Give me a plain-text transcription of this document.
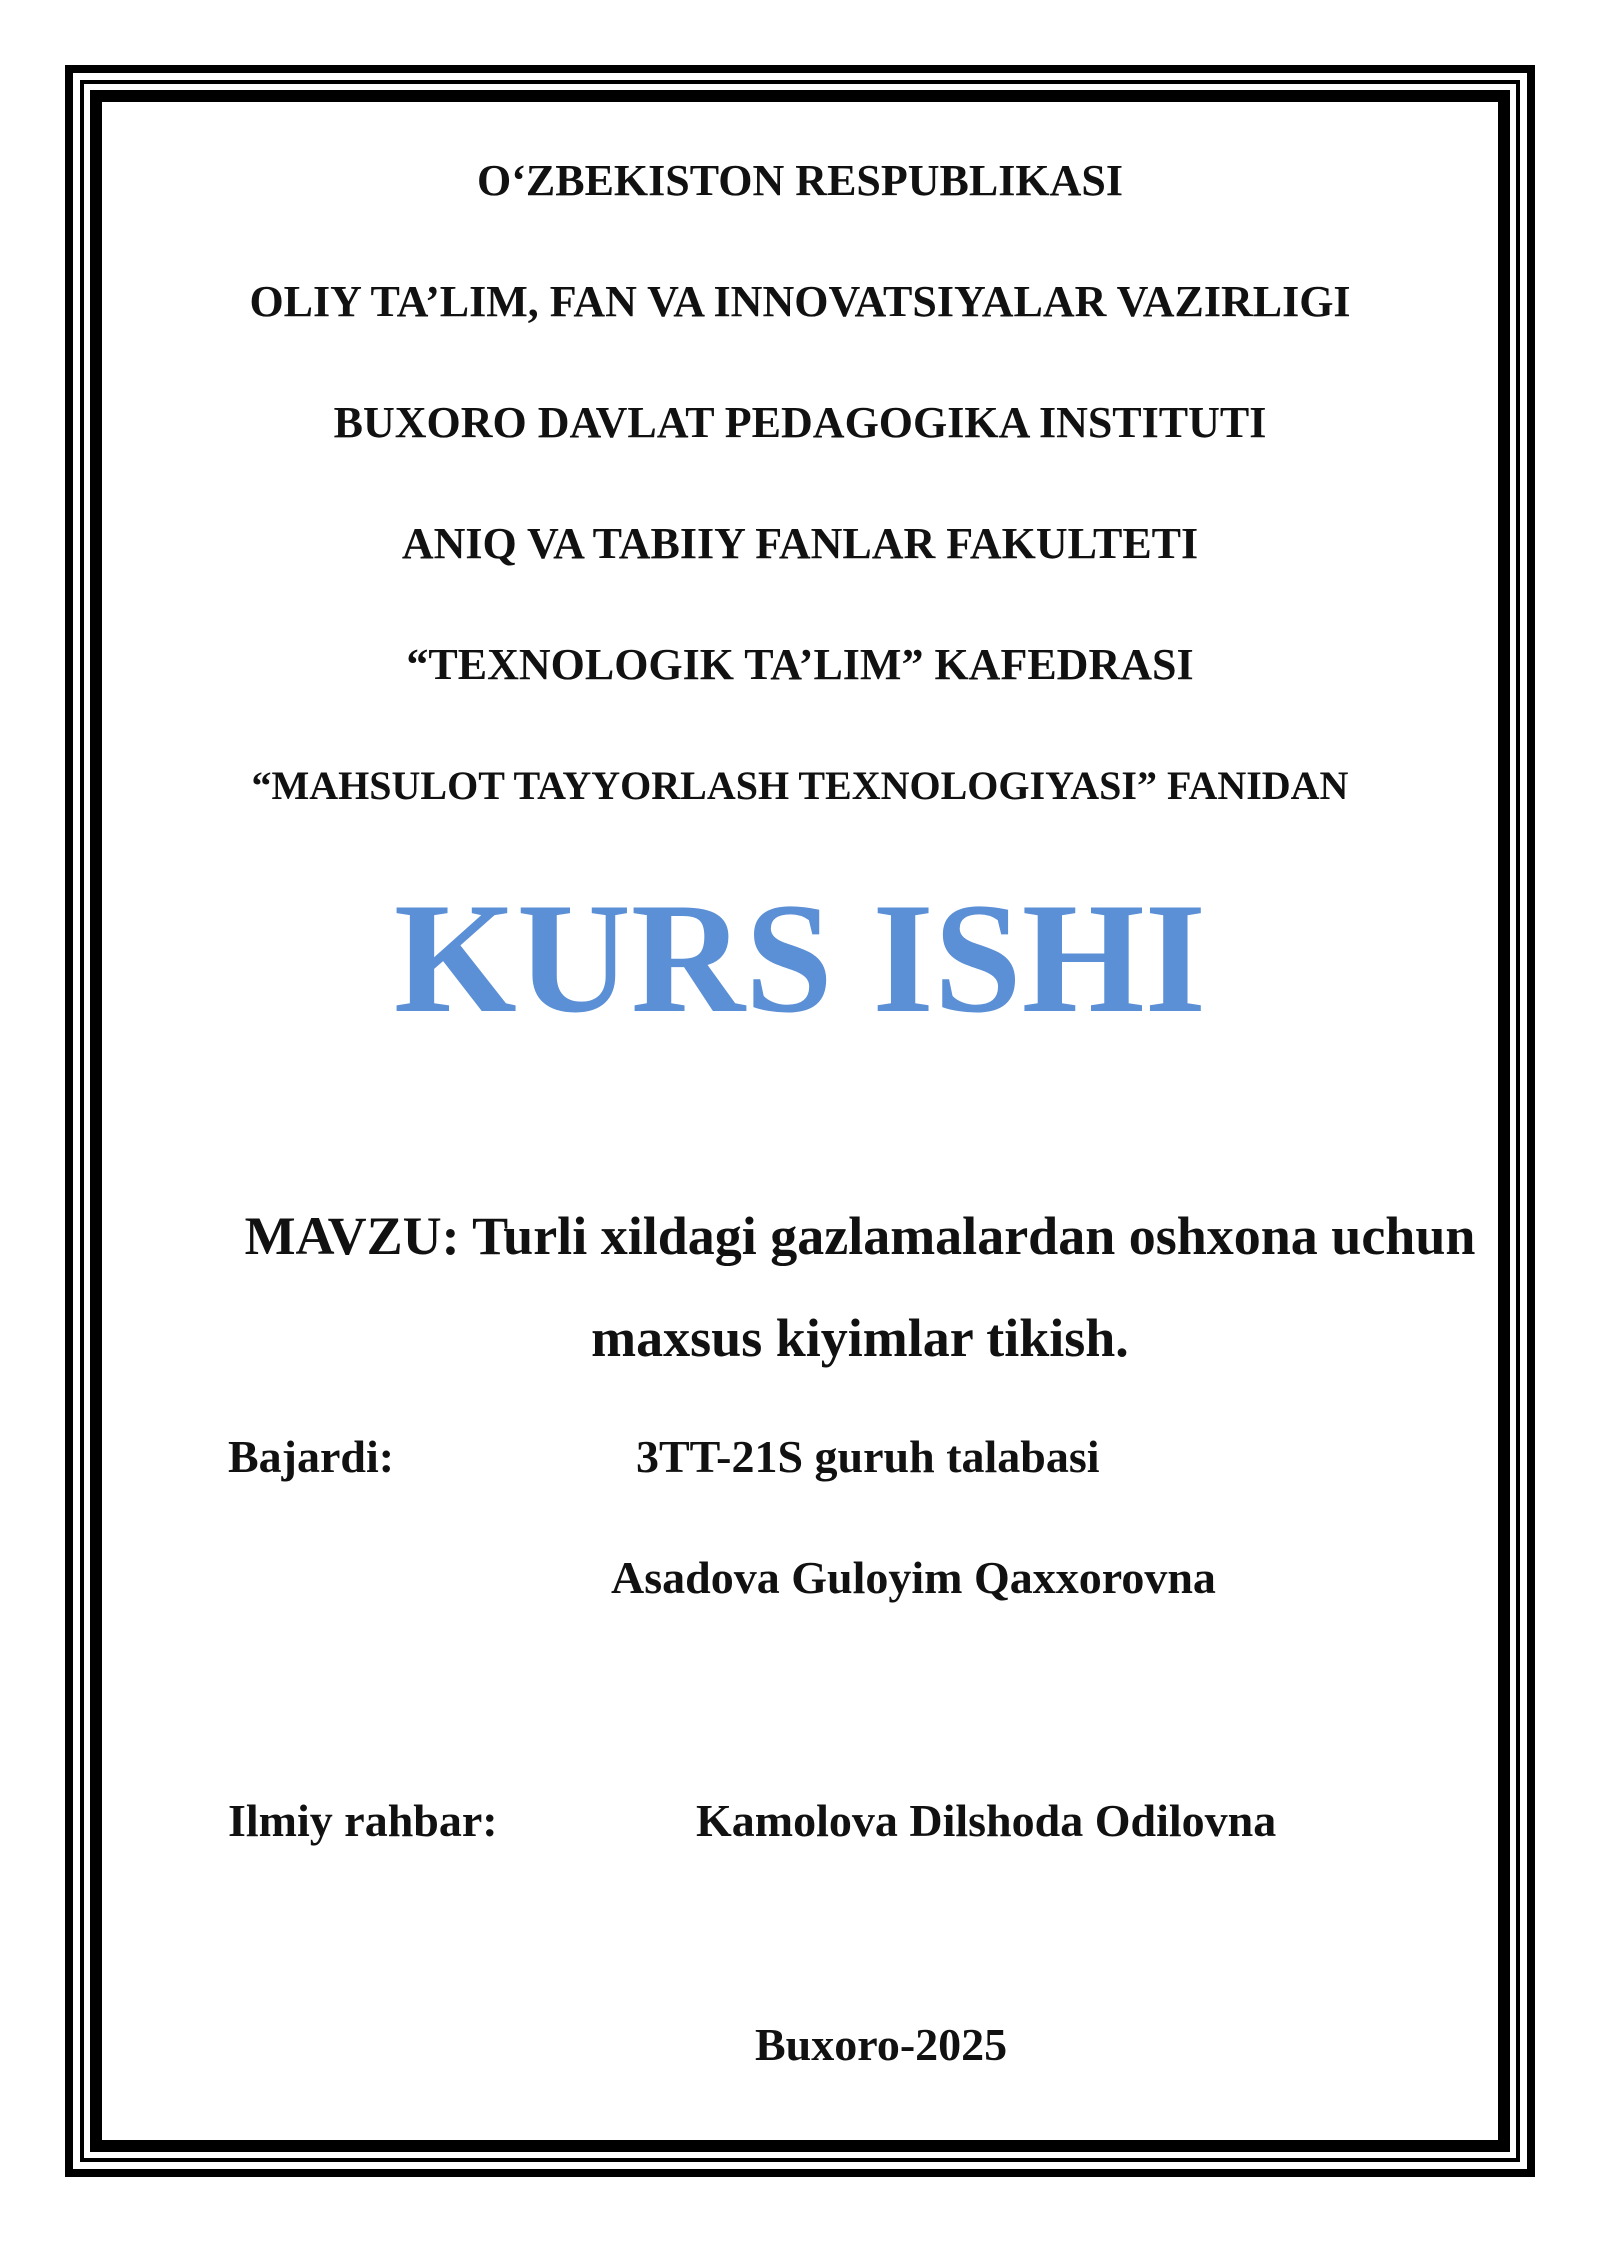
O‘ZBEKISTON RESPUBLIKASI

OLIY TA’LIM, FAN VA INNOVATSIYALAR VAZIRLIGI

BUXORO DAVLAT PEDAGOGIKA INSTITUTI

ANIQ VA TABIIY FANLAR FAKULTETI

“TEXNOLOGIK TA’LIM” KAFEDRASI

“MAHSULOT TAYYORLASH TEXNOLOGIYASI” FANIDAN

KURS ISHI

MAVZU: Turli xildagi gazlamalardan oshxona uchun maxsus kiyimlar tikish.

Bajardi:	3TT-21S guruh talabasi

Asadova Guloyim Qaxxorovna

Ilmiy rahbar:	Kamolova Dilshoda Odilovna

Buxoro-2025
